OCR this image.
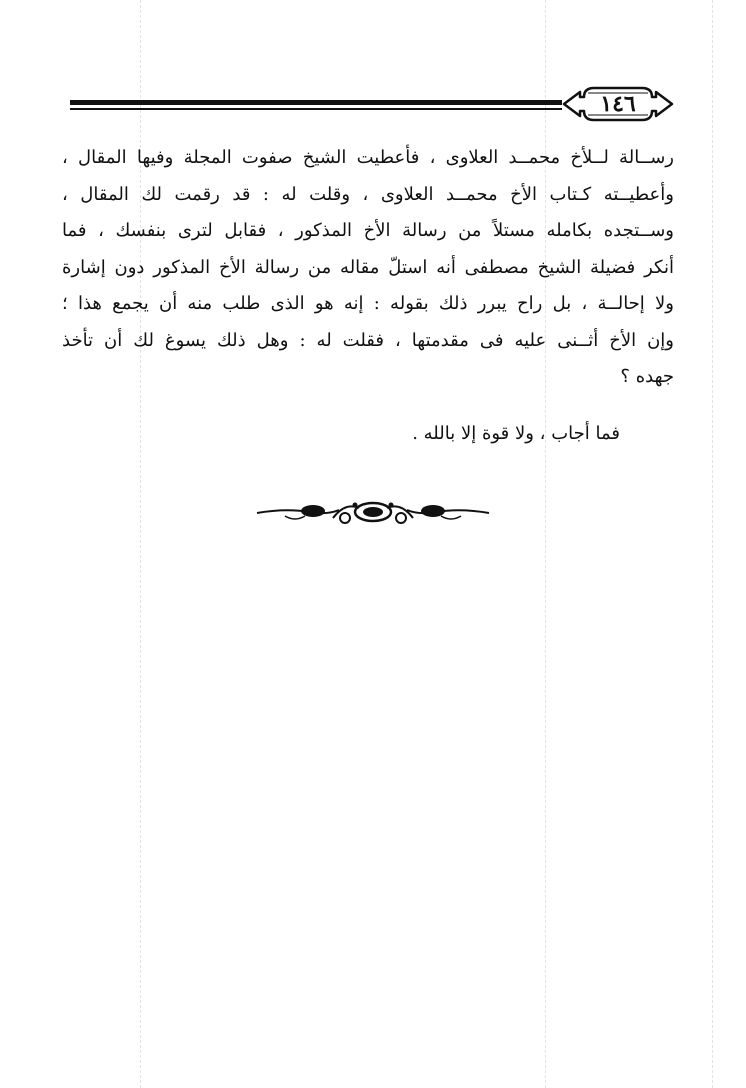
١٤٦
رســالة لــلأخ محمــد العلاوى ، فأعطيت الشيخ صفوت المجلة وفيها المقال ،
وأعطيــته كـتاب الأخ محمــد العلاوى ، وقلت له : قد رقمت لك المقال ،
وســتجده بكامله مستلاً من رسالة الأخ المذكور ، فقابل لترى بنفسك ، فما
أنكر فضيلة الشيخ مصطفى أنه استلّ مقاله من رسالة الأخ المذكور دون إشارة
ولا إحالــة ، بل راح يبرر ذلك بقوله : إنه هو الذى طلب منه أن يجمع هذا ؛
وإن الأخ أثــنى عليه فى مقدمتها ، فقلت له : وهل ذلك يسوغ لك أن تأخذ
جهده ؟
فما أجاب ، ولا قوة إلا بالله .
